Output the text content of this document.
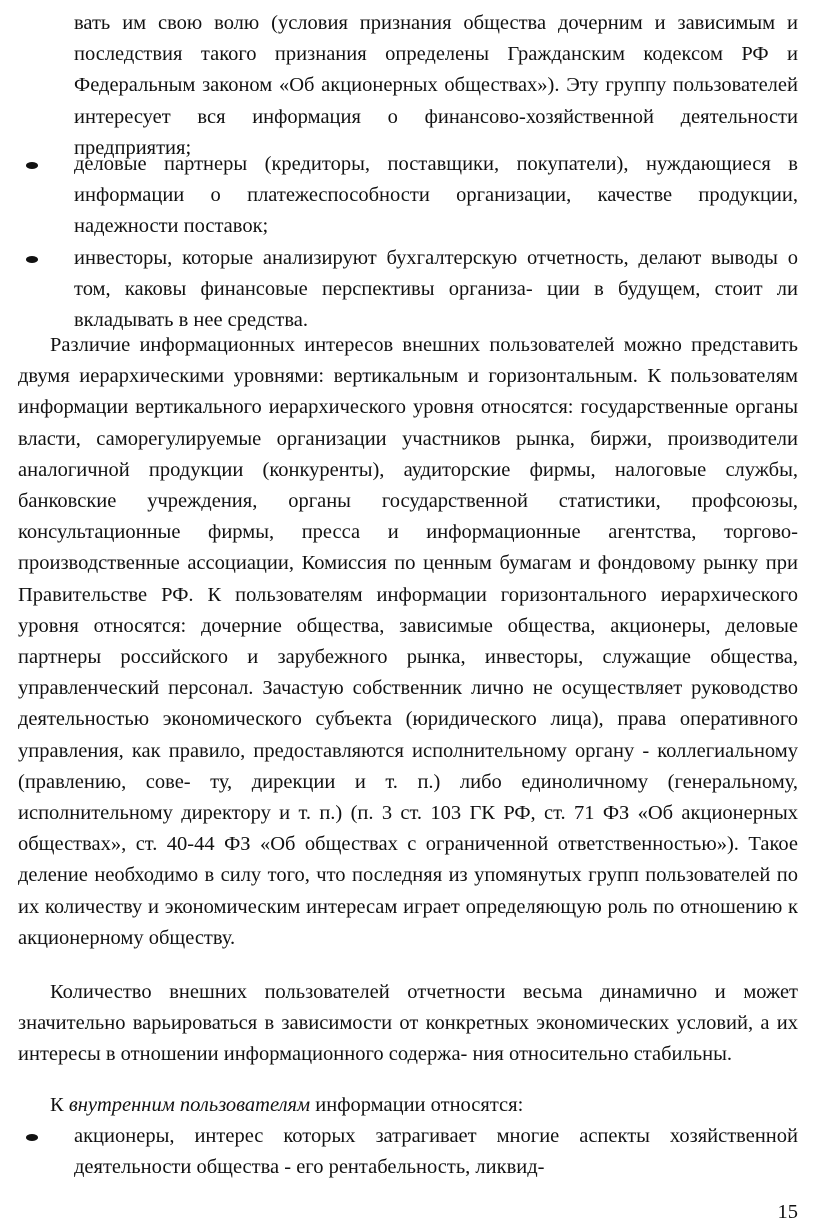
вать им свою волю (условия признания общества дочерним и зависимым и последствия такого признания определены Гражданским кодексом РФ и Федеральным законом «Об акционерных обществах»). Эту группу пользователей интересует вся информация о финансово-хозяйственной деятельности предприятия;
деловые партнеры (кредиторы, поставщики, покупатели), нуждающиеся в информации о платежеспособности организации, качестве продукции, надежности поставок;
инвесторы, которые анализируют бухгалтерскую отчетность, делают выводы о том, каковы финансовые перспективы организа- ции в будущем, стоит ли вкладывать в нее средства.
Различие информационных интересов внешних пользователей можно представить двумя иерархическими уровнями: вертикальным и горизонтальным. К пользователям информации вертикального иерархического уровня относятся: государственные органы власти, саморегулируемые организации участников рынка, биржи, производители аналогичной продукции (конкуренты), аудиторские фирмы, налоговые службы, банковские учреждения, органы государственной статистики, профсоюзы, консультационные фирмы, пресса и информационные агентства, торгово-производственные ассоциации, Комиссия по ценным бумагам и фондовому рынку при Правительстве РФ. К пользователям информации горизонтального иерархического уровня относятся: дочерние общества, зависимые общества, акционеры, деловые партнеры российского и зарубежного рынка, инвесторы, служащие общества, управленческий персонал. Зачастую собственник лично не осуществляет руководство деятельностью экономического субъекта (юридического лица), права оперативного управления, как правило, предоставляются исполнительному органу - коллегиальному (правлению, сове- ту, дирекции и т. п.) либо единоличному (генеральному, исполнительному директору и т. п.) (п. 3 ст. 103 ГК РФ, ст. 71 ФЗ «Об акционерных обществах», ст. 40-44 ФЗ «Об обществах с ограниченной ответственностью»). Такое деление необходимо в силу того, что последняя из упомянутых групп пользователей по их количеству и экономическим интересам играет определяющую роль по отношению к акционерному обществу.
Количество внешних пользователей отчетности весьма динамично и может значительно варьироваться в зависимости от конкретных экономических условий, а их интересы в отношении информационного содержа- ния относительно стабильны.
К внутренним пользователям информации относятся:
акционеры, интерес которых затрагивает многие аспекты хозяйственной деятельности общества - его рентабельность, ликвид-
15
